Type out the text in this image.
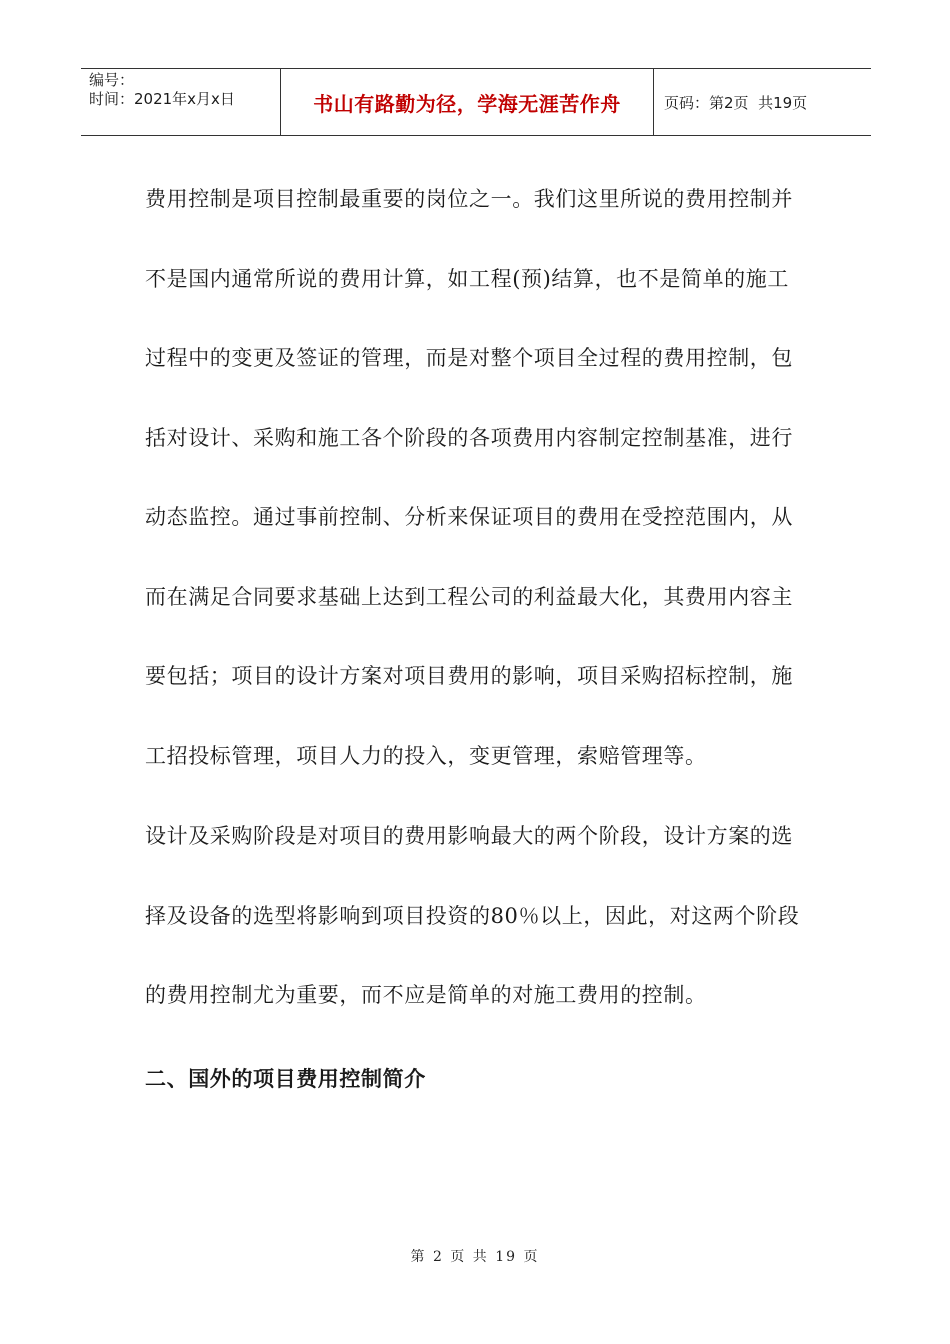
编号：
时间：2021年x月x日	书山有路勤为径，学海无涯苦作舟	页码：第2页  共19页

费用控制是项目控制最重要的岗位之一。我们这里所说的费用控制并不是国内通常所说的费用计算，如工程(预)结算，也不是简单的施工过程中的变更及签证的管理，而是对整个项目全过程的费用控制，包括对设计、采购和施工各个阶段的各项费用内容制定控制基准，进行动态监控。通过事前控制、分析来保证项目的费用在受控范围内，从而在满足合同要求基础上达到工程公司的利益最大化，其费用内容主要包括；项目的设计方案对项目费用的影响，项目采购招标控制，施工招投标管理，项目人力的投入，变更管理，索赔管理等。

设计及采购阶段是对项目的费用影响最大的两个阶段，设计方案的选择及设备的选型将影响到项目投资的80％以上，因此，对这两个阶段的费用控制尤为重要，而不应是简单的对施工费用的控制。

二、国外的项目费用控制简介

第 2 页 共 19 页
